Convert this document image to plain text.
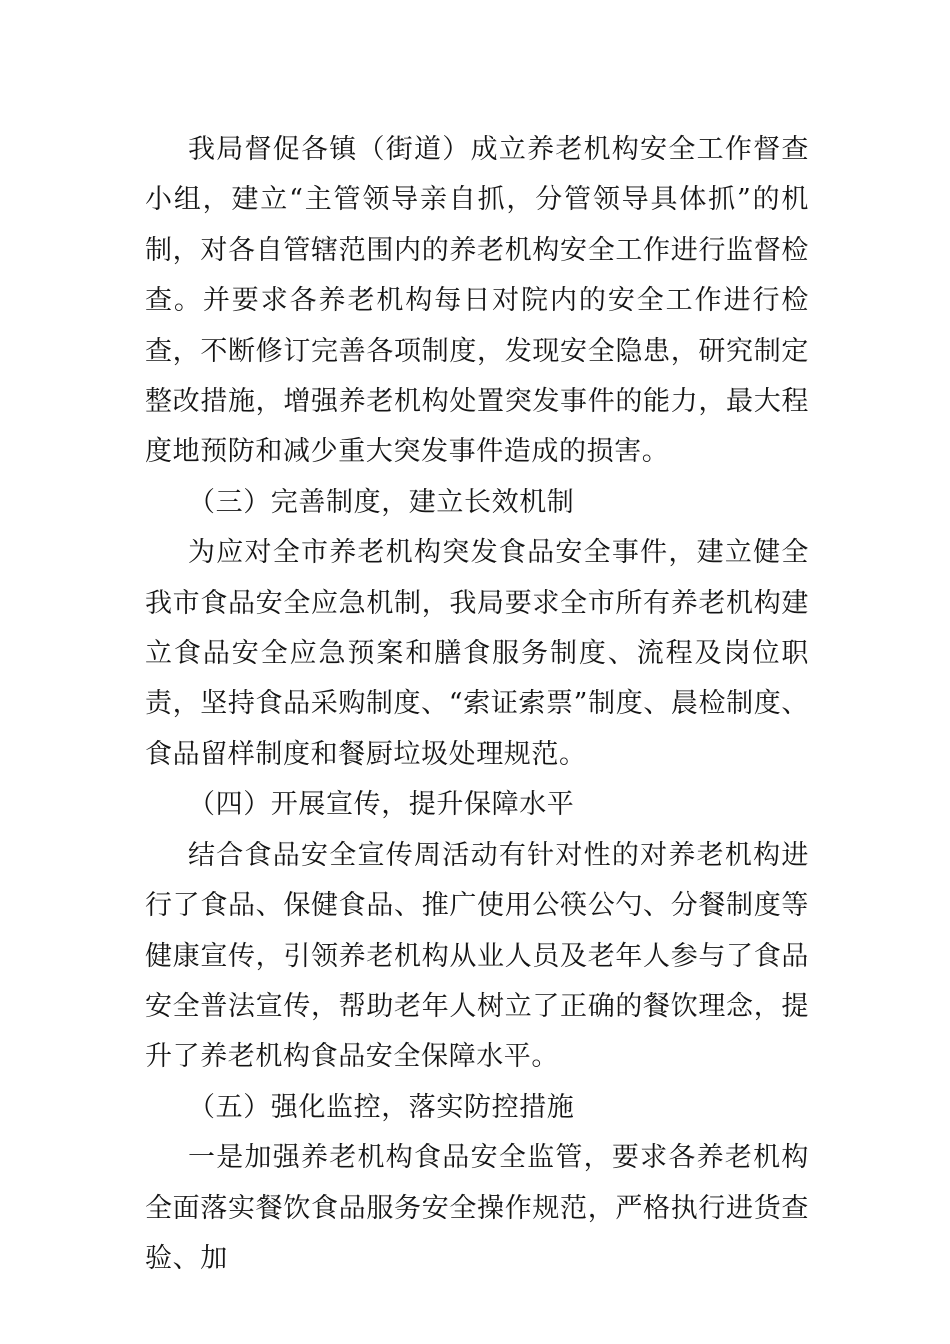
我局督促各镇（街道）成立养老机构安全工作督查小组，建立“主管领导亲自抓，分管领导具体抓”的机制，对各自管辖范围内的养老机构安全工作进行监督检查。并要求各养老机构每日对院内的安全工作进行检查，不断修订完善各项制度，发现安全隐患，研究制定整改措施，增强养老机构处置突发事件的能力，最大程度地预防和减少重大突发事件造成的损害。

（三）完善制度，建立长效机制

为应对全市养老机构突发食品安全事件，建立健全我市食品安全应急机制，我局要求全市所有养老机构建立食品安全应急预案和膳食服务制度、流程及岗位职责，坚持食品采购制度、“索证索票”制度、晨检制度、食品留样制度和餐厨垃圾处理规范。

（四）开展宣传，提升保障水平

结合食品安全宣传周活动有针对性的对养老机构进行了食品、保健食品、推广使用公筷公勺、分餐制度等健康宣传，引领养老机构从业人员及老年人参与了食品安全普法宣传，帮助老年人树立了正确的餐饮理念，提升了养老机构食品安全保障水平。

（五）强化监控，落实防控措施

一是加强养老机构食品安全监管，要求各养老机构全面落实餐饮食品服务安全操作规范，严格执行进货查验、加
